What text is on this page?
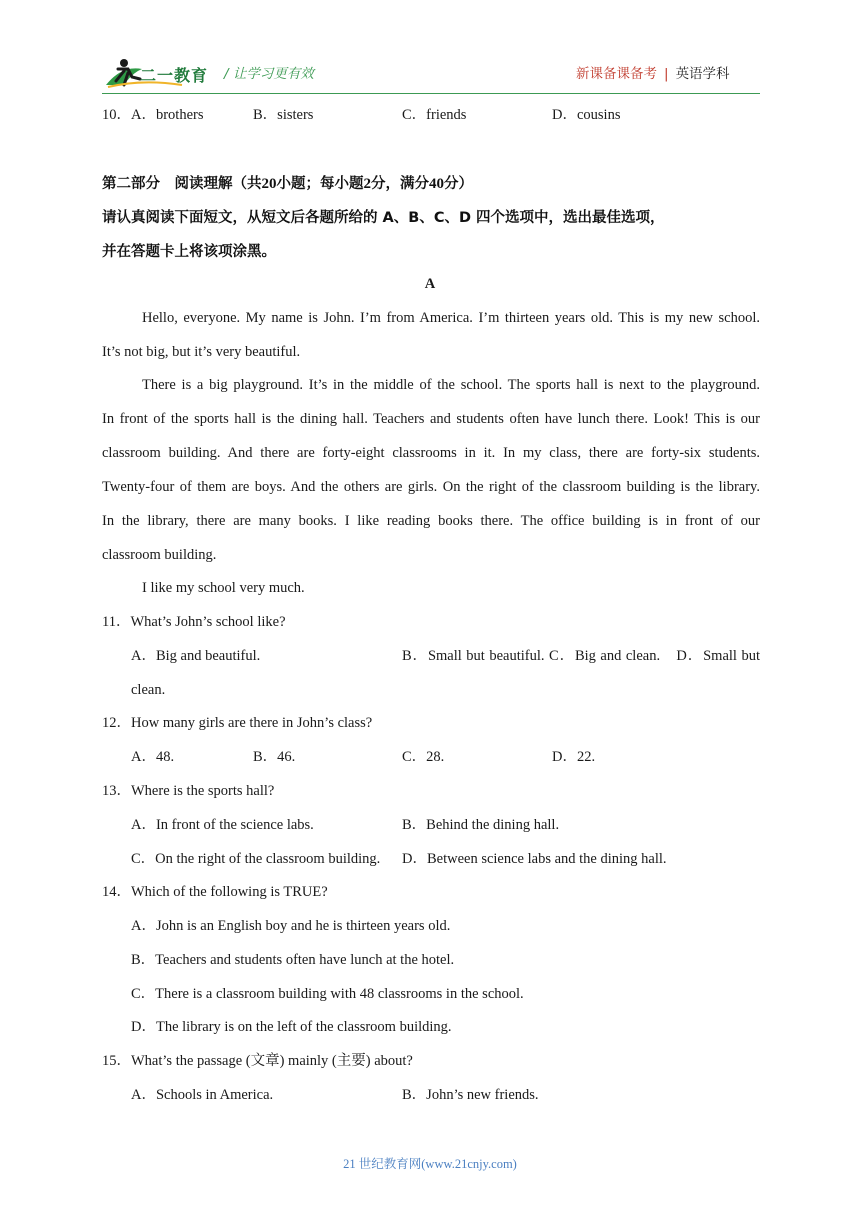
二一教育 / 让学习更有效	新课备课备考 | 英语学科
10． A．brothers	B．sisters	C．friends	D．cousins
第二部分　阅读理解（共20小题；每小题2分，满分40分）
请认真阅读下面短文，从短文后各题所给的 A、B、C、D 四个选项中，选出最佳选项，
并在答题卡上将该项涂黑。
A
Hello, everyone. My name is John. I’m from America. I’m thirteen years old. This is my new school.
It’s not big, but it’s very beautiful.
There is a big playground. It’s in the middle of the school. The sports hall is next to the playground.
In front of the sports hall is the dining hall. Teachers and students often have lunch there. Look! This is our
classroom building. And there are forty-eight classrooms in it. In my class, there are forty-six students.
Twenty-four of them are boys. And the others are girls. On the right of the classroom building is the library.
In the library, there are many books. I like reading books there. The office building is in front of our
classroom building.
I like my school very much.
11．What’s John’s school like?
A．Big and beautiful.	B．Small but beautiful. C．Big and clean.　D．Small but
clean.
12．How many girls are there in John’s class?
A．48.	B．46.	C．28.	D．22.
13．Where is the sports hall?
A．In front of the science labs.	B．Behind the dining hall.
C．On the right of the classroom building. D．Between science labs and the dining hall.
14．Which of the following is TRUE?
A．John is an English boy and he is thirteen years old.
B．Teachers and students often have lunch at the hotel.
C．There is a classroom building with 48 classrooms in the school.
D．The library is on the left of the classroom building.
15．What’s the passage (文章) mainly (主要) about?
A．Schools in America.	B．John’s new friends.
21 世纪教育网(www.21cnjy.com)
